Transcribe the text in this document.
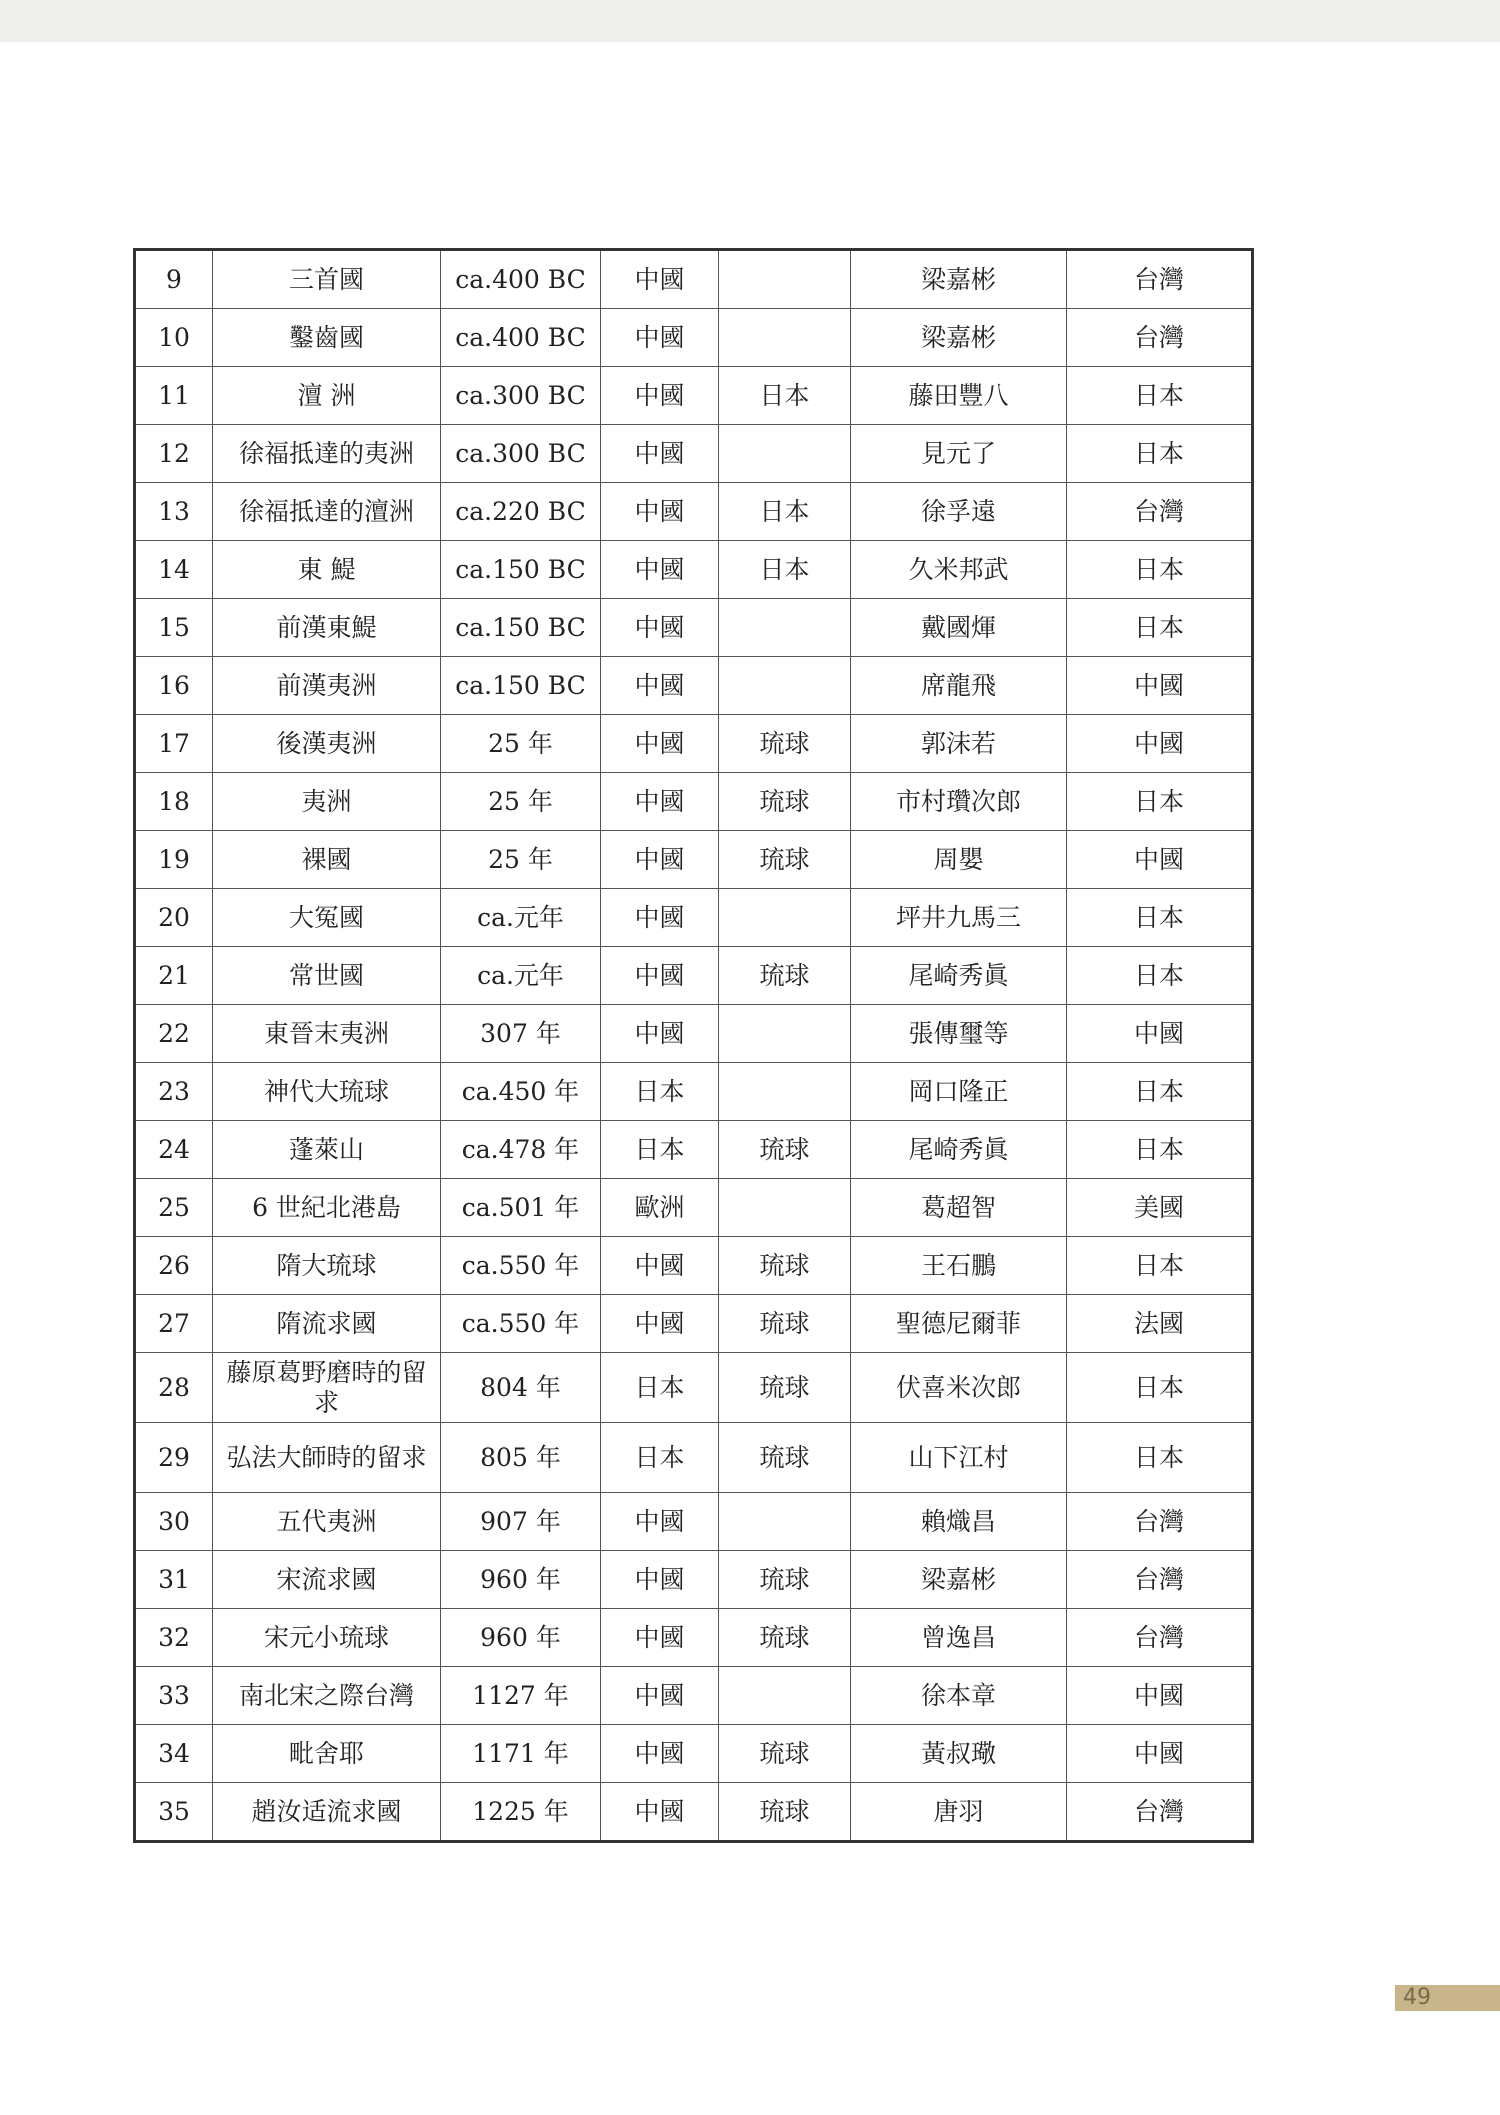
9	三首國	ca.400 BC	中國		梁嘉彬	台灣
10	鑿齒國	ca.400 BC	中國		梁嘉彬	台灣
11	澶 洲	ca.300 BC	中國	日本	藤田豐八	日本
12	徐福抵達的夷洲	ca.300 BC	中國		見元了	日本
13	徐福抵達的澶洲	ca.220 BC	中國	日本	徐孚遠	台灣
14	東 鯷	ca.150 BC	中國	日本	久米邦武	日本
15	前漢東鯷	ca.150 BC	中國		戴國煇	日本
16	前漢夷洲	ca.150 BC	中國		席龍飛	中國
17	後漢夷洲	25 年	中國	琉球	郭沫若	中國
18	夷洲	25 年	中國	琉球	市村瓚次郎	日本
19	裸國	25 年	中國	琉球	周嬰	中國
20	大冤國	ca.元年	中國		坪井九馬三	日本
21	常世國	ca.元年	中國	琉球	尾崎秀眞	日本
22	東晉末夷洲	307 年	中國		張傳璽等	中國
23	神代大琉球	ca.450 年	日本		岡口隆正	日本
24	蓬萊山	ca.478 年	日本	琉球	尾崎秀眞	日本
25	6 世紀北港島	ca.501 年	歐洲		葛超智	美國
26	隋大琉球	ca.550 年	中國	琉球	王石鵬	日本
27	隋流求國	ca.550 年	中國	琉球	聖德尼爾菲	法國
28	藤原葛野磨時的留求	804 年	日本	琉球	伏喜米次郎	日本
29	弘法大師時的留求	805 年	日本	琉球	山下江村	日本
30	五代夷洲	907 年	中國		賴熾昌	台灣
31	宋流求國	960 年	中國	琉球	梁嘉彬	台灣
32	宋元小琉球	960 年	中國	琉球	曾逸昌	台灣
33	南北宋之際台灣	1127 年	中國		徐本章	中國
34	毗舍耶	1171 年	中國	琉球	黃叔璥	中國
35	趙汝适流求國	1225 年	中國	琉球	唐羽	台灣
49
